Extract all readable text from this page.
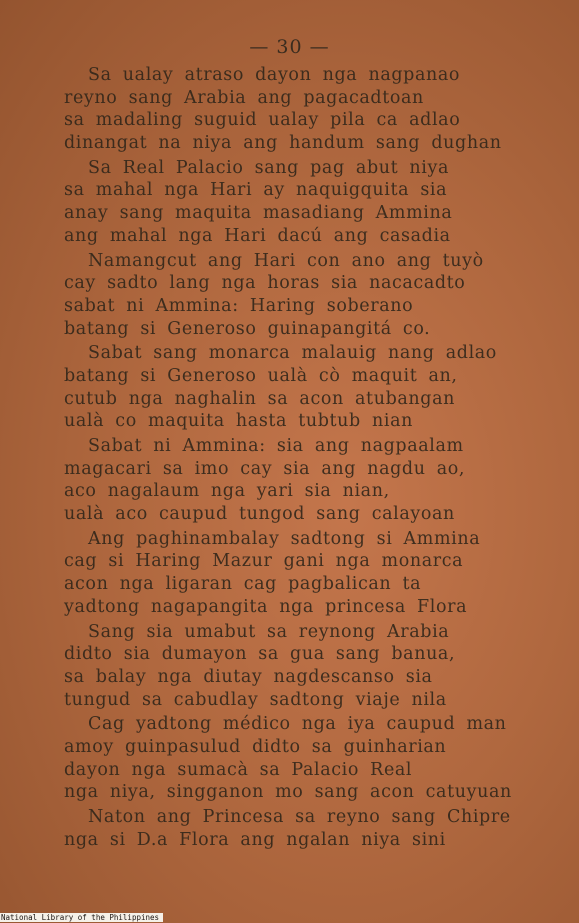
— 30 —
Sa ualay atraso dayon nga nagpanao
reyno sang Arabia ang pagacadtoan
sa madaling suguid ualay pila ca adlao
dinangat na niya ang handum sang dughan
Sa Real Palacio sang pag abut niya
sa mahal nga Hari ay naquigquita sia
anay sang maquita masadiang Ammina
ang mahal nga Hari dacú ang casadia
Namangcut ang Hari con ano ang tuyò
cay sadto lang nga horas sia nacacadto
sabat ni Ammina: Haring soberano
batang si Generoso guinapangitá co.
Sabat sang monarca malauig nang adlao
batang si Generoso ualà cò maquit an,
cutub nga naghalin sa acon atubangan
ualà co maquita hasta tubtub nian
Sabat ni Ammina: sia ang nagpaalam
magacari sa imo cay sia ang nagdu ao,
aco nagalaum nga yari sia nian,
ualà aco caupud tungod sang calayoan
Ang paghinambalay sadtong si Ammina
cag si Haring Mazur gani nga monarca
acon nga ligaran cag pagbalican ta
yadtong nagapangita nga princesa Flora
Sang sia umabut sa reynong Arabia
didto sia dumayon sa gua sang banua,
sa balay nga diutay nagdescanso sia
tungud sa cabudlay sadtong viaje nila
Cag yadtong médico nga iya caupud man
amoy guinpasulud didto sa guinharian
dayon nga sumacà sa Palacio Real
nga niya, singganon mo sang acon catuyuan
Naton ang Princesa sa reyno sang Chipre
nga si D.a Flora ang ngalan niya sini
National Library of the Philippines
